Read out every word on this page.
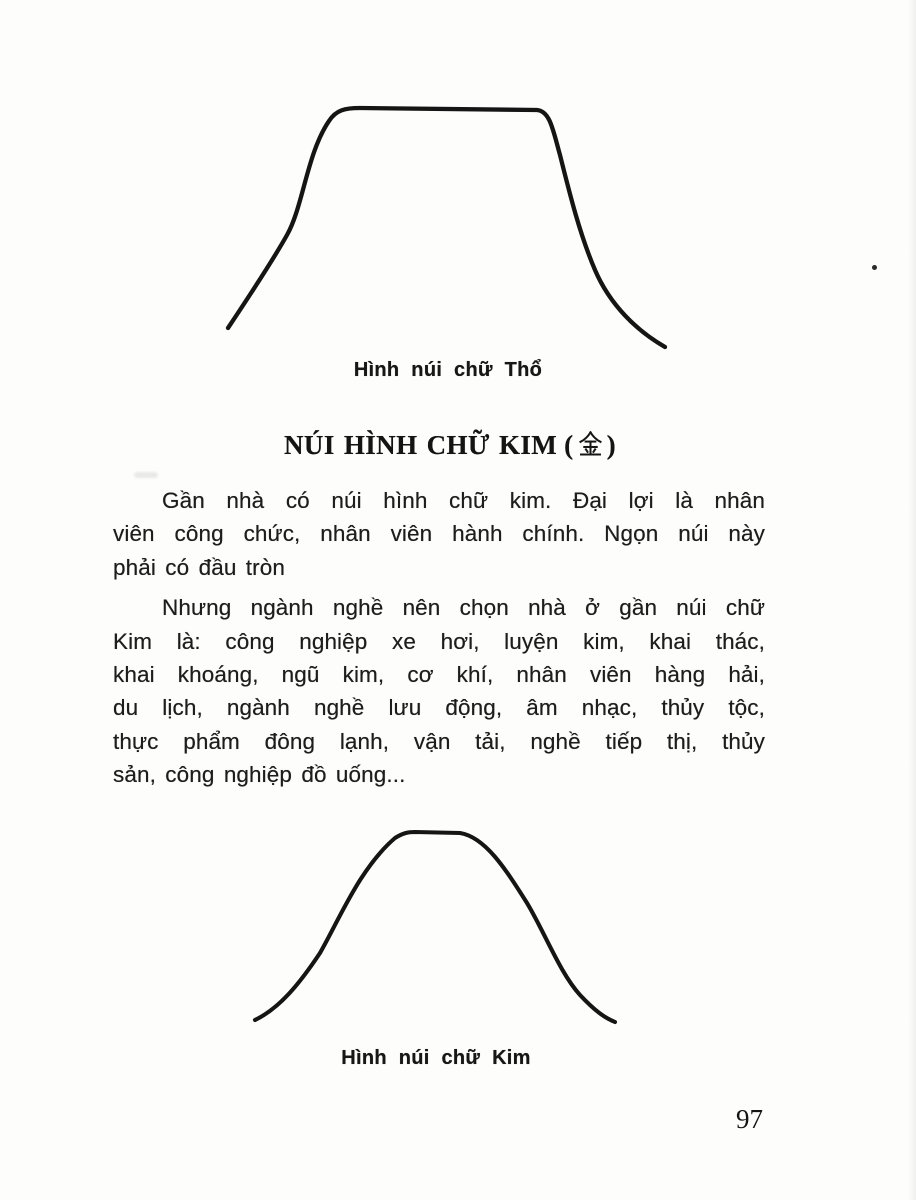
Hình núi chữ Thổ
NÚI HÌNH CHỮ KIM ( )
Gần nhà có núi hình chữ kim. Đại lợi là nhân
viên công chức, nhân viên hành chính. Ngọn núi này
phải có đầu tròn
Nhưng ngành nghề nên chọn nhà ở gần núi chữ
Kim là: công nghiệp xe hơi, luyện kim, khai thác,
khai khoáng, ngũ kim, cơ khí, nhân viên hàng hải,
du lịch, ngành nghề lưu động, âm nhạc, thủy tộc,
thực phẩm đông lạnh, vận tải, nghề tiếp thị, thủy
sản, công nghiệp đồ uống...
Hình núi chữ Kim
97
